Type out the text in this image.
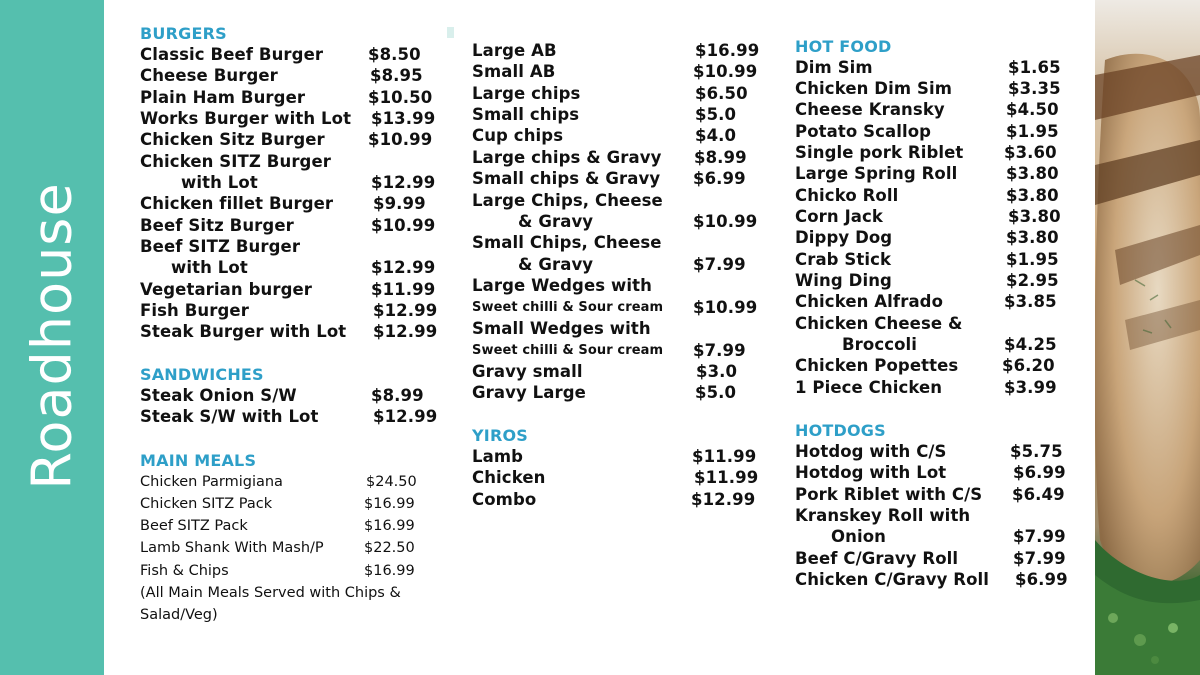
Roadhouse
BURGERS
Classic Beef Burger	$8.50
Cheese Burger	$8.95
Plain Ham Burger	$10.50
Works Burger with Lot $13.99
Chicken Sitz Burger	$10.99
Chicken SITZ Burger
with Lot	$12.99
Chicken fillet Burger $9.99
Beef Sitz Burger	$10.99
Beef SITZ Burger
with Lot	$12.99
Vegetarian burger	$11.99
Fish Burger	$12.99
Steak Burger with Lot $12.99
SANDWICHES
Steak Onion S/W	$8.99
Steak S/W with Lot	$12.99
MAIN MEALS
Chicken Parmigiana	$24.50
Chicken SITZ Pack	$16.99
Beef SITZ Pack	$16.99
Lamb Shank With Mash/P	$22.50
Fish & Chips	$16.99
(All Main Meals Served with Chips & Salad/Veg)
Large AB	$16.99
Small AB	$10.99
Large chips	$6.50
Small chips	$5.0
Cup chips	$4.0
Large chips & Gravy $8.99
Small chips & Gravy $6.99
Large Chips, Cheese
& Gravy	$10.99
Small Chips, Cheese
& Gravy	$7.99
Large Wedges with
Sweet chilli & Sour cream $10.99
Small Wedges with
Sweet chilli & Sour cream $7.99
Gravy small	$3.0
Gravy Large	$5.0
YIROS
Lamb	$11.99
Chicken	$11.99
Combo	$12.99
HOT FOOD
Dim Sim	$1.65
Chicken Dim Sim	$3.35
Cheese Kransky	$4.50
Potato Scallop	$1.95
Single pork Riblet $3.60
Large Spring Roll	$3.80
Chicko Roll	$3.80
Corn Jack	$3.80
Dippy Dog	$3.80
Crab Stick	$1.95
Wing Ding	$2.95
Chicken Alfrado	$3.85
Chicken Cheese &
Broccoli	$4.25
Chicken Popettes	$6.20
1 Piece Chicken	$3.99
HOTDOGS
Hotdog with C/S	$5.75
Hotdog with Lot	$6.99
Pork Riblet with C/S $6.49
Kranskey Roll with
Onion	$7.99
Beef C/Gravy Roll	$7.99
Chicken C/Gravy Roll $6.99
